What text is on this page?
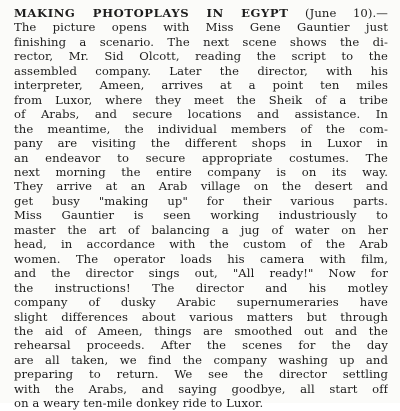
MAKING PHOTOPLAYS IN EGYPT (June 10).—
The picture opens with Miss Gene Gauntier just
finishing a scenario. The next scene shows the di-
rector, Mr. Sid Olcott, reading the script to the
assembled company. Later the director, with his
interpreter, Ameen, arrives at a point ten miles
from Luxor, where they meet the Sheik of a tribe
of Arabs, and secure locations and assistance. In
the meantime, the individual members of the com-
pany are visiting the different shops in Luxor in
an endeavor to secure appropriate costumes. The
next morning the entire company is on its way.
They arrive at an Arab village on the desert and
get busy "making up" for their various parts.
Miss Gauntier is seen working industriously to
master the art of balancing a jug of water on her
head, in accordance with the custom of the Arab
women. The operator loads his camera with film,
and the director sings out, "All ready!" Now for
the instructions! The director and his motley
company of dusky Arabic supernumeraries have
slight differences about various matters but through
the aid of Ameen, things are smoothed out and the
rehearsal proceeds. After the scenes for the day
are all taken, we find the company washing up and
preparing to return. We see the director settling
with the Arabs, and saying goodbye, all start off
on a weary ten-mile donkey ride to Luxor.
